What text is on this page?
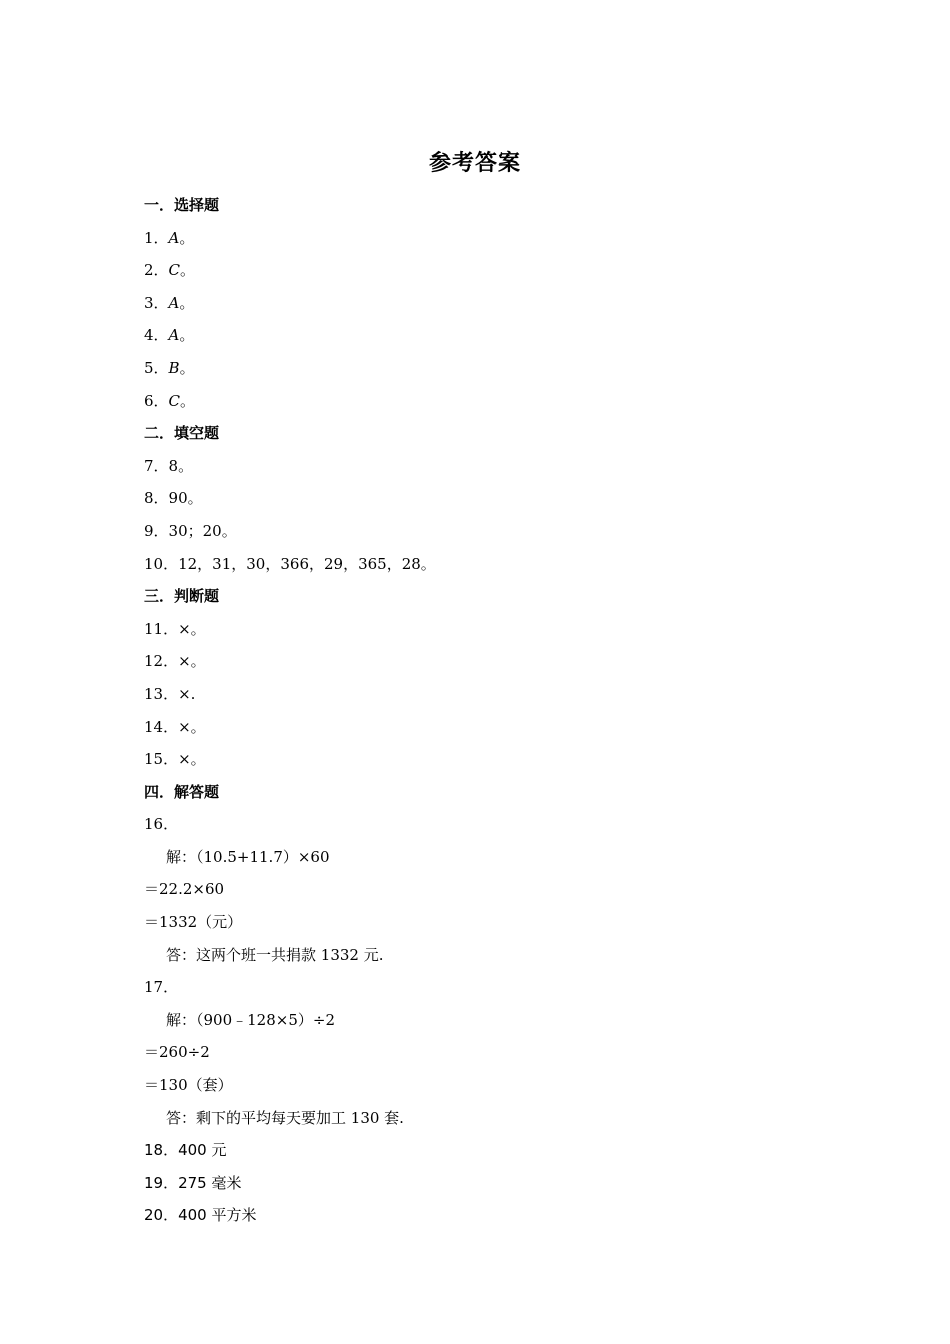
参考答案
一．选择题
1．A。
2．C。
3．A。
4．A。
5．B。
6．C。
二．填空题
7．8。
8．90。
9．30；20。
10．12，31，30，366，29，365，28。
三．判断题
11．×。
12．×。
13．×.
14．×。
15．×。
四．解答题
16．
解：（10.5+11.7）×60
＝22.2×60
＝1332（元）
答：这两个班一共捐款 1332 元.
17．
解：（900﹣128×5）÷2
＝260÷2
＝130（套）
答：剩下的平均每天要加工 130 套.
18．400 元
19．275 毫米
20．400 平方米
